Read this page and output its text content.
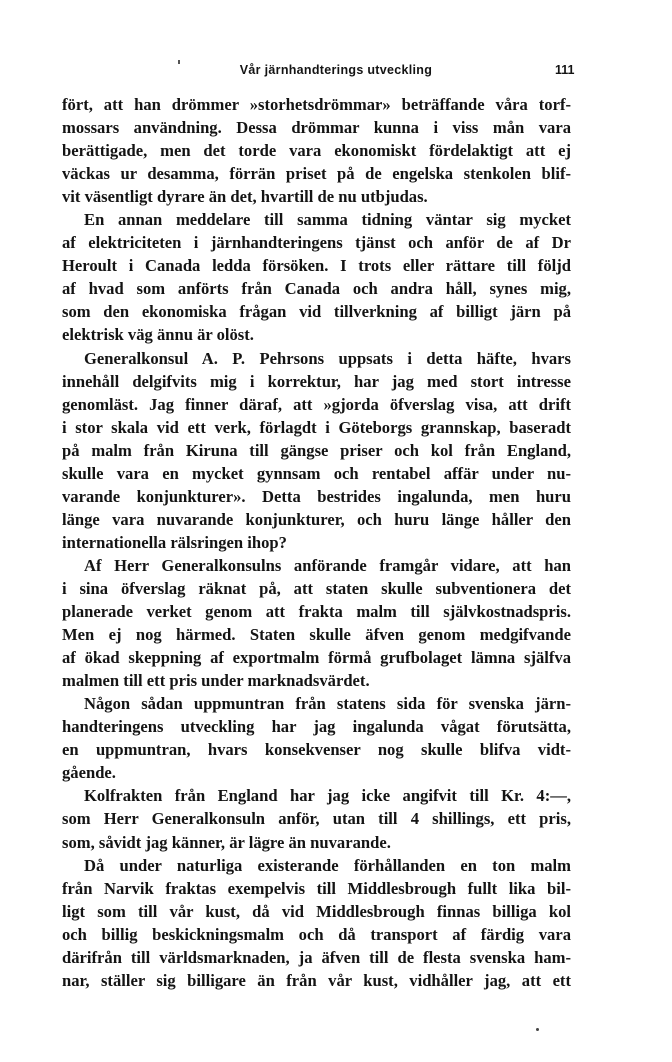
Vår järnhandterings utveckling	111
fört, att han drömmer »storhetsdrömmar» beträffande våra torf-
mossars användning. Dessa drömmar kunna i viss mån vara
berättigade, men det torde vara ekonomiskt fördelaktigt att ej
väckas ur desamma, förrän priset på de engelska stenkolen blif-
vit väsentligt dyrare än det, hvartill de nu utbjudas.
En annan meddelare till samma tidning väntar sig mycket
af elektriciteten i järnhandteringens tjänst och anför de af Dr
Heroult i Canada ledda försöken. I trots eller rättare till följd
af hvad som anförts från Canada och andra håll, synes mig,
som den ekonomiska frågan vid tillverkning af billigt järn på
elektrisk väg ännu är olöst.
Generalkonsul A. P. Pehrsons uppsats i detta häfte, hvars
innehåll delgifvits mig i korrektur, har jag med stort intresse
genomläst. Jag finner däraf, att »gjorda öfverslag visa, att drift
i stor skala vid ett verk, förlagdt i Göteborgs grannskap, baseradt
på malm från Kiruna till gängse priser och kol från England,
skulle vara en mycket gynnsam och rentabel affär under nu-
varande konjunkturer». Detta bestrides ingalunda, men huru
länge vara nuvarande konjunkturer, och huru länge håller den
internationella rälsringen ihop?
Af Herr Generalkonsulns anförande framgår vidare, att han
i sina öfverslag räknat på, att staten skulle subventionera det
planerade verket genom att frakta malm till självkostnadspris.
Men ej nog härmed. Staten skulle äfven genom medgifvande
af ökad skeppning af exportmalm förmå grufbolaget lämna själfva
malmen till ett pris under marknadsvärdet.
Någon sådan uppmuntran från statens sida för svenska järn-
handteringens utveckling har jag ingalunda vågat förutsätta,
en uppmuntran, hvars konsekvenser nog skulle blifva vidt-
gående.
Kolfrakten från England har jag icke angifvit till Kr. 4:—,
som Herr Generalkonsuln anför, utan till 4 shillings, ett pris,
som, såvidt jag känner, är lägre än nuvarande.
Då under naturliga existerande förhållanden en ton malm
från Narvik fraktas exempelvis till Middlesbrough fullt lika bil-
ligt som till vår kust, då vid Middlesbrough finnas billiga kol
och billig beskickningsmalm och då transport af färdig vara
därifrån till världsmarknaden, ja äfven till de flesta svenska ham-
nar, ställer sig billigare än från vår kust, vidhåller jag, att ett
